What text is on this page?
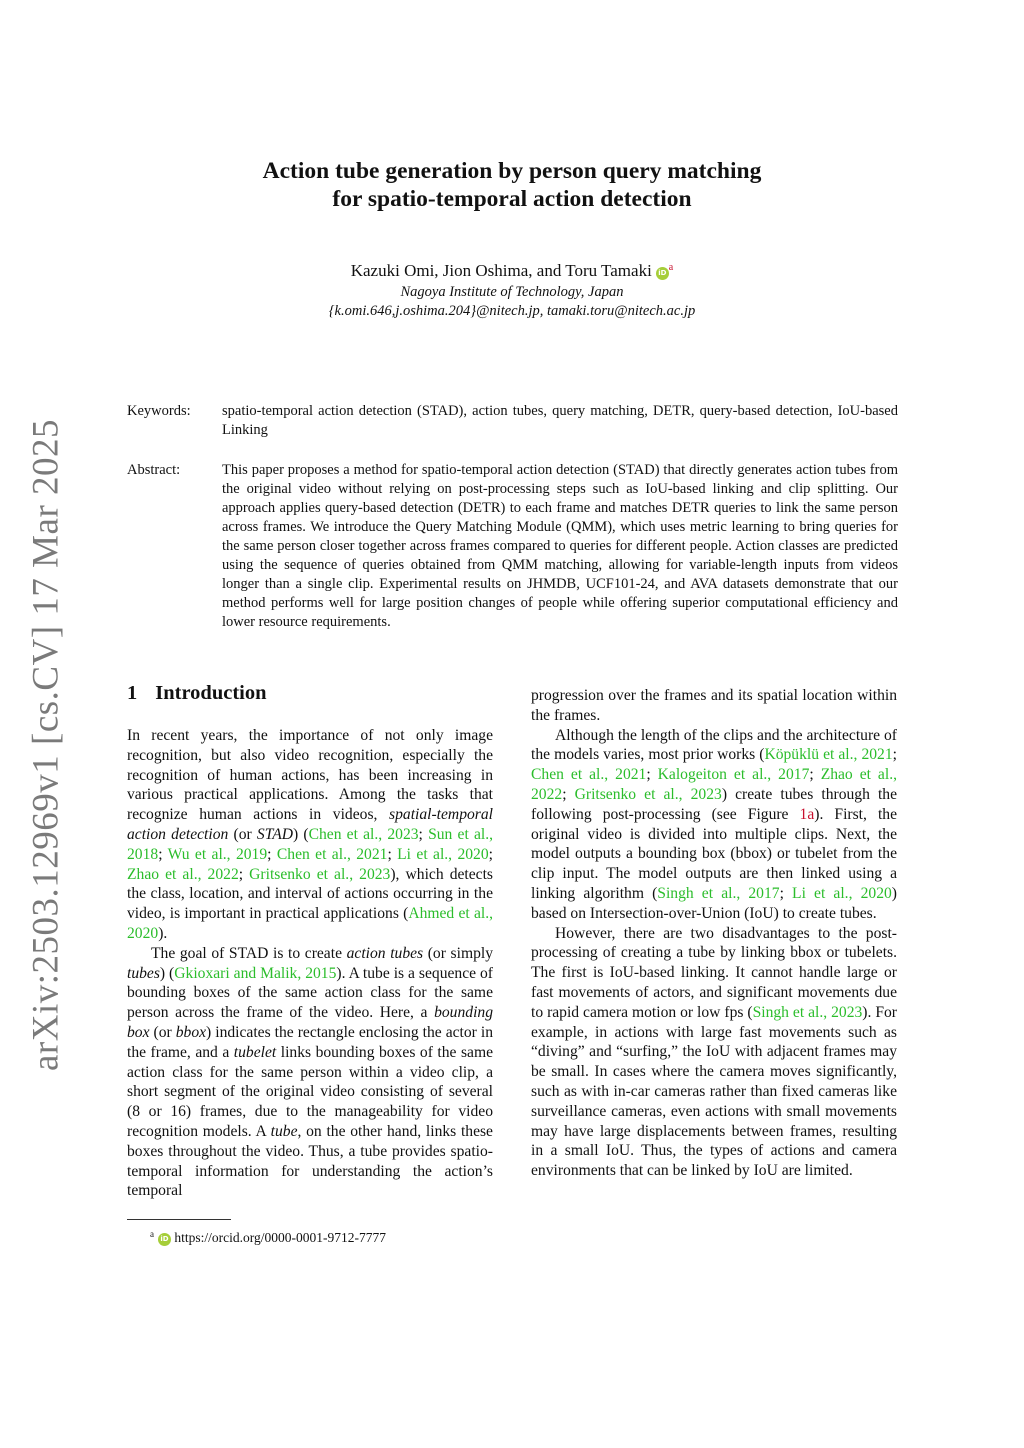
arXiv:2503.12969v1 [cs.CV] 17 Mar 2025
Action tube generation by person query matching
for spatio-temporal action detection
Kazuki Omi, Jion Oshima, and Toru Tamaki iD $^a$
Nagoya Institute of Technology, Japan
{k.omi.646,j.oshima.204}@nitech.jp, tamaki.toru@nitech.ac.jp
Keywords: spatio-temporal action detection (STAD), action tubes, query matching, DETR, query-based detection, IoU-based Linking
Abstract:	This paper proposes a method for spatio-temporal action detection (STAD) that directly generates action tubes from the original video without relying on post-processing steps such as IoU-based linking and clip splitting. Our approach applies query-based detection (DETR) to each frame and matches DETR queries to link the same person across frames. We introduce the Query Matching Module (QMM), which uses metric learning to bring queries for the same person closer together across frames compared to queries for different people. Action classes are predicted using the sequence of queries obtained from QMM matching, allowing for variable-length inputs from videos longer than a single clip. Experimental results on JHMDB, UCF101-24, and AVA datasets demonstrate that our method performs well for large position changes of people while offering superior computational efficiency and lower resource requirements.
1 Introduction

In recent years, the importance of not only image recognition, but also video recognition, especially the recognition of human actions, has been increasing in various practical applications. Among the tasks that recognize human actions in videos, spatial-temporal action detection (or STAD) (Chen et al., 2023; Sun et al., 2018; Wu et al., 2019; Chen et al., 2021; Li et al., 2020; Zhao et al., 2022; Gritsenko et al., 2023), which detects the class, location, and interval of actions occurring in the video, is important in practical applications (Ahmed et al., 2020).

The goal of STAD is to create action tubes (or simply tubes) (Gkioxari and Malik, 2015). A tube is a sequence of bounding boxes of the same action class for the same person across the frame of the video. Here, a bounding box (or bbox) indicates the rectangle enclosing the actor in the frame, and a tubelet links bounding boxes of the same action class for the same person within a video clip, a short segment of the original video consisting of several (8 or 16) frames, due to the manageability for video recognition models. A tube, on the other hand, links these boxes throughout the video. Thus, a tube provides spatio-temporal information for understanding the action’s temporal

progression over the frames and its spatial location within the frames.

Although the length of the clips and the architecture of the models varies, most prior works (Köpüklü et al., 2021; Chen et al., 2021; Kalogeiton et al., 2017; Zhao et al., 2022; Gritsenko et al., 2023) create tubes through the following post-processing (see Figure 1a). First, the original video is divided into multiple clips. Next, the model outputs a bounding box (bbox) or tubelet from the clip input. The model outputs are then linked using a linking algorithm (Singh et al., 2017; Li et al., 2020) based on Intersection-over-Union (IoU) to create tubes.

However, there are two disadvantages to the post-processing of creating a tube by linking bbox or tubelets. The first is IoU-based linking. It cannot handle large or fast movements of actors, and significant movements due to rapid camera motion or low fps (Singh et al., 2023). For example, in actions with large fast movements such as “diving” and “surfing,” the IoU with adjacent frames may be small. In cases where the camera moves significantly, such as with in-car cameras rather than fixed cameras like surveillance cameras, even actions with small movements may have large displacements between frames, resulting in a small IoU. Thus, the types of actions and camera environments that can be linked by IoU are limited.

$^a$ iD https://orcid.org/0000-0001-9712-7777
